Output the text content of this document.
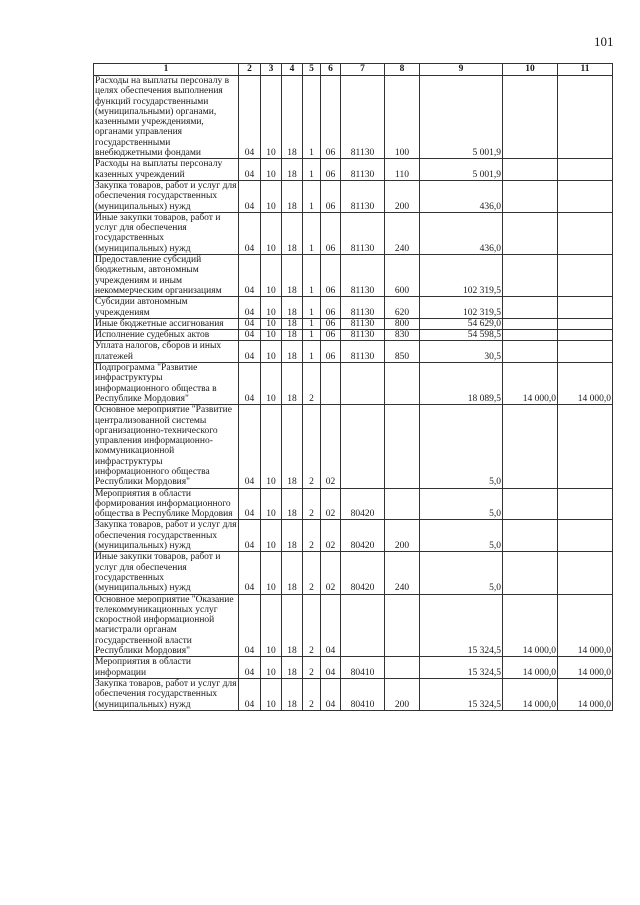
101
1	2	3	4	5	6	7	8	9	10	11
Расходы на выплаты персоналу в целях обеспечения выполнения функций государственными (муниципальными) органами, казенными учреждениями, органами управления государственными внебюджетными фондами	04	10	18	1	06	81130	100	5 001,9		
Расходы на выплаты персоналу казенных учреждений	04	10	18	1	06	81130	110	5 001,9		
Закупка товаров, работ и услуг для обеспечения государственных (муниципальных) нужд	04	10	18	1	06	81130	200	436,0		
Иные закупки товаров, работ и услуг для обеспечения государственных (муниципальных) нужд	04	10	18	1	06	81130	240	436,0		
Предоставление субсидий бюджетным, автономным учреждениям и иным некоммерческим организациям	04	10	18	1	06	81130	600	102 319,5		
Субсидии автономным учреждениям	04	10	18	1	06	81130	620	102 319,5		
Иные бюджетные ассигнования	04	10	18	1	06	81130	800	54 629,0		
Исполнение судебных актов	04	10	18	1	06	81130	830	54 598,5		
Уплата налогов, сборов и иных платежей	04	10	18	1	06	81130	850	30,5		
Подпрограмма "Развитие инфраструктуры информационного общества в Республике Мордовия"	04	10	18	2				18 089,5	14 000,0	14 000,0
Основное мероприятие "Развитие централизованной системы организационно-технического управления информационно-коммуникационной инфраструктуры информационного общества Республики Мордовия"	04	10	18	2	02			5,0		
Мероприятия в области формирования информационного общества в Республике Мордовия	04	10	18	2	02	80420		5,0		
Закупка товаров, работ и услуг для обеспечения государственных (муниципальных) нужд	04	10	18	2	02	80420	200	5,0		
Иные закупки товаров, работ и услуг для обеспечения государственных (муниципальных) нужд	04	10	18	2	02	80420	240	5,0		
Основное мероприятие "Оказание телекоммуникационных услуг скоростной информационной магистрали органам государственной власти Республики Мордовия"	04	10	18	2	04			15 324,5	14 000,0	14 000,0
Мероприятия в области информации	04	10	18	2	04	80410		15 324,5	14 000,0	14 000,0
Закупка товаров, работ и услуг для обеспечения государственных (муниципальных) нужд	04	10	18	2	04	80410	200	15 324,5	14 000,0	14 000,0
